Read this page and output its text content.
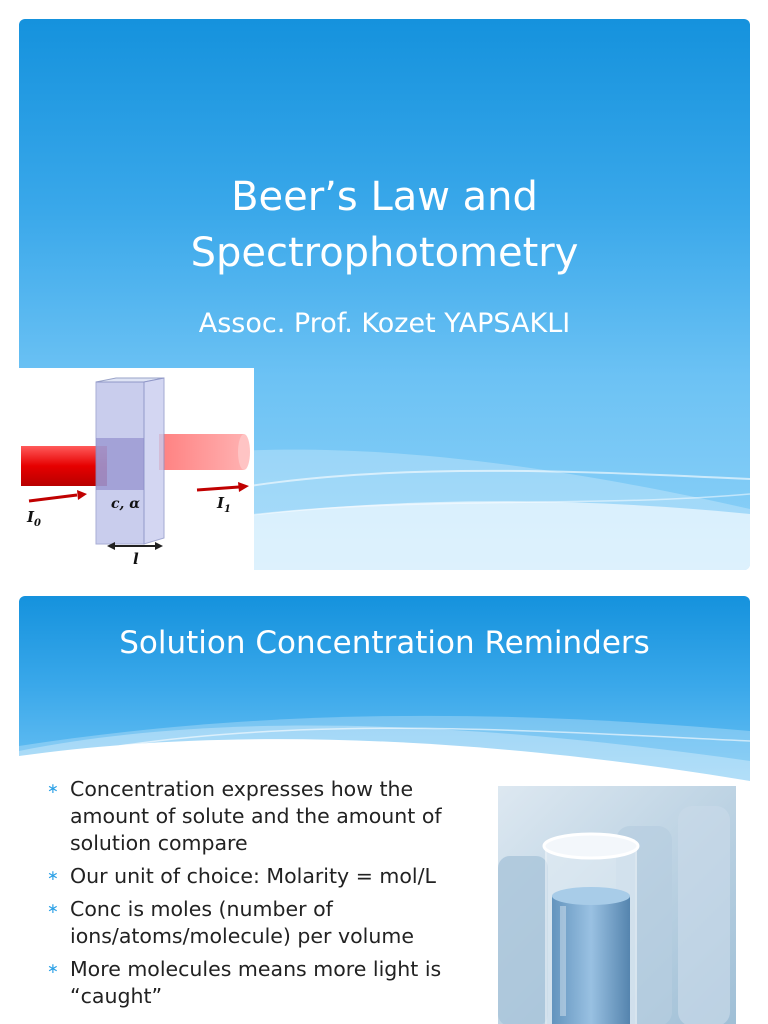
Beer’s Law and
Spectrophotometry
Assoc. Prof. Kozet YAPSAKLI
c, α
$I_0$
$I_1$
l
Solution Concentration Reminders
∗ Concentration expresses how the amount of solute and the amount of solution compare
∗ Our unit of choice: Molarity = mol/L
∗ Conc is moles (number of ions/atoms/molecule) per volume
∗ More molecules means more light is “caught”
